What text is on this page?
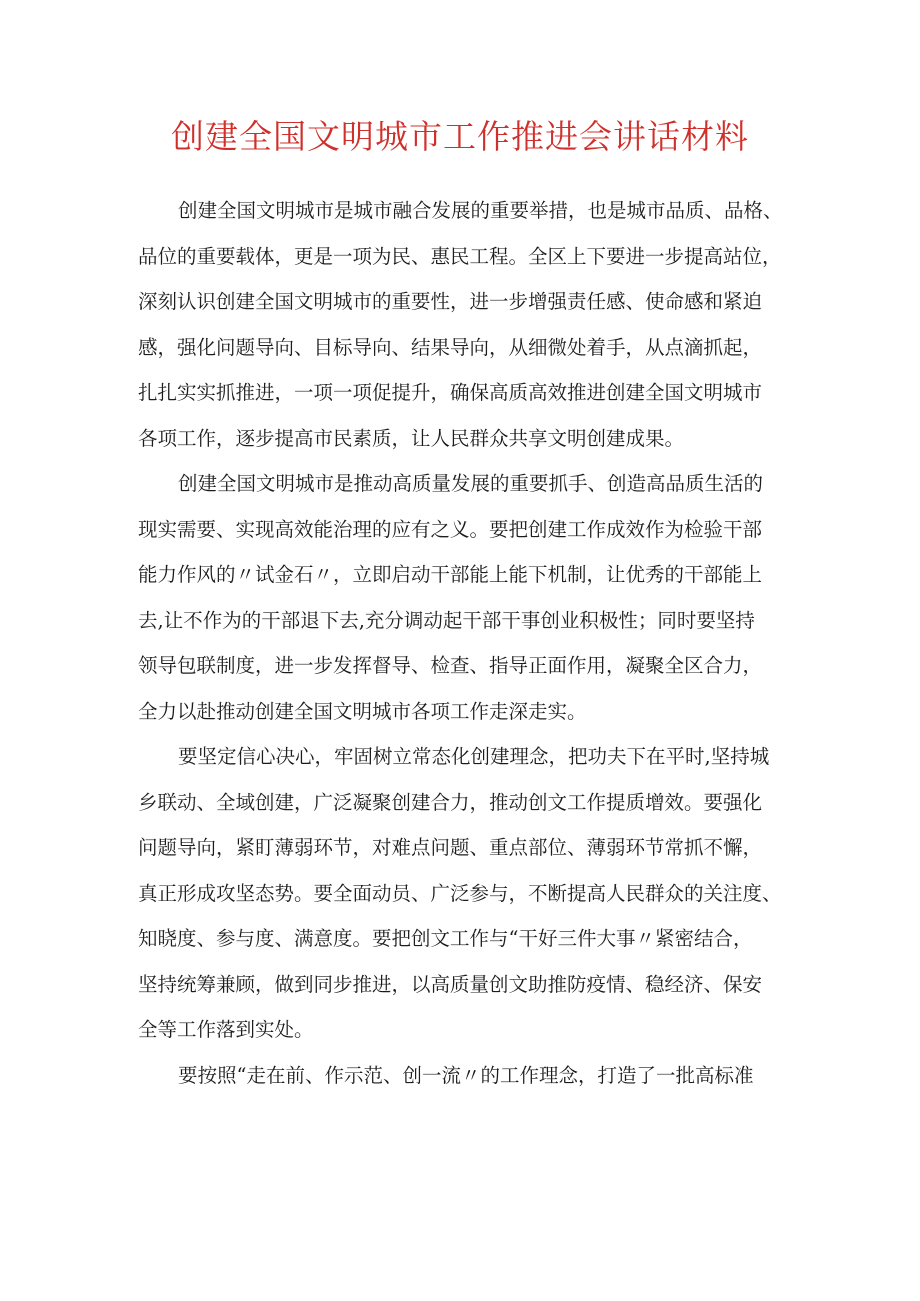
创建全国文明城市工作推进会讲话材料
创建全国文明城市是城市融合发展的重要举措，也是城市品质、品格、
品位的重要载体，更是一项为民、惠民工程。全区上下要进一步提高站位，
深刻认识创建全国文明城市的重要性，进一步增强责任感、使命感和紧迫
感，强化问题导向、目标导向、结果导向，从细微处着手，从点滴抓起，
扎扎实实抓推进，一项一项促提升，确保高质高效推进创建全国文明城市
各项工作，逐步提高市民素质，让人民群众共享文明创建成果。
创建全国文明城市是推动高质量发展的重要抓手、创造高品质生活的
现实需要、实现高效能治理的应有之义。要把创建工作成效作为检验干部
能力作风的〃试金石〃，立即启动干部能上能下机制，让优秀的干部能上
去,让不作为的干部退下去,充分调动起干部干事创业积极性；同时要坚持
领导包联制度，进一步发挥督导、检查、指导正面作用，凝聚全区合力，
全力以赴推动创建全国文明城市各项工作走深走实。
要坚定信心决心，牢固树立常态化创建理念，把功夫下在平时,坚持城
乡联动、全域创建，广泛凝聚创建合力，推动创文工作提质增效。要强化
问题导向，紧盯薄弱环节，对难点问题、重点部位、薄弱环节常抓不懈，
真正形成攻坚态势。要全面动员、广泛参与，不断提高人民群众的关注度、
知晓度、参与度、满意度。要把创文工作与“干好三件大事〃紧密结合，
坚持统筹兼顾，做到同步推进，以高质量创文助推防疫情、稳经济、保安
全等工作落到实处。
要按照“走在前、作示范、创一流〃的工作理念，打造了一批高标准
